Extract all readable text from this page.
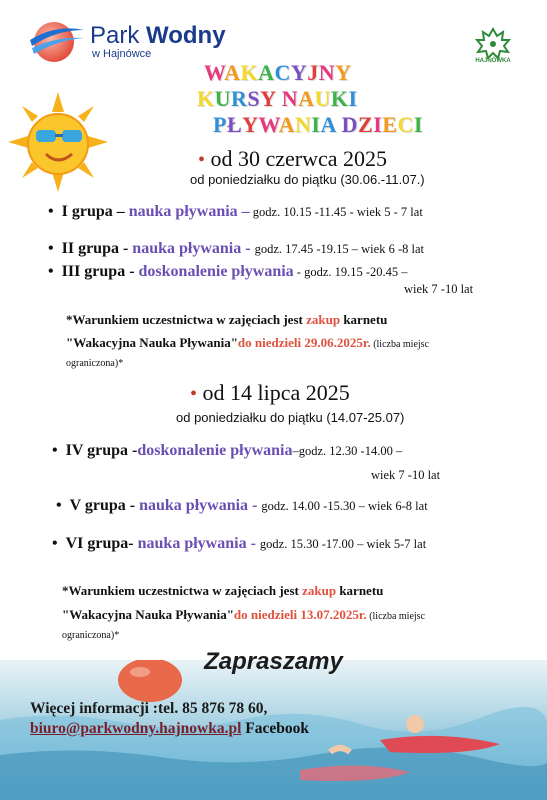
Park Wodny
w Hajnówce
HAJNÓWKA
WAKACYJNY
KURSY NAUKI
PŁYWANIA DZIECI
• od 30 czerwca 2025
od poniedziałku do piątku (30.06.-11.07.)
• I grupa – nauka pływania – godz. 10.15 -11.45 - wiek 5 - 7 lat
• II grupa - nauka pływania - godz. 17.45 -19.15 – wiek 6 -8 lat
• III grupa - doskonalenie pływania - godz. 19.15 -20.45 –
wiek 7 -10 lat
*Warunkiem uczestnictwa w zajęciach jest zakup karnetu
"Wakacyjna Nauka Pływania"do niedzieli 29.06.2025r. (liczba miejsc
ograniczona)*
• od 14 lipca 2025
od poniedziałku do piątku (14.07-25.07)
• IV grupa -doskonalenie pływania–godz. 12.30 -14.00 –
wiek 7 -10 lat
• V grupa - nauka pływania - godz. 14.00 -15.30 – wiek 6-8 lat
• VI grupa- nauka pływania - godz. 15.30 -17.00 – wiek 5-7 lat
*Warunkiem uczestnictwa w zajęciach jest zakup karnetu
"Wakacyjna Nauka Pływania"do niedzieli 13.07.2025r. (liczba miejsc
ograniczona)*
Zapraszamy
Więcej informacji :tel. 85 876 78 60,
biuro@parkwodny.hajnowka.pl Facebook
